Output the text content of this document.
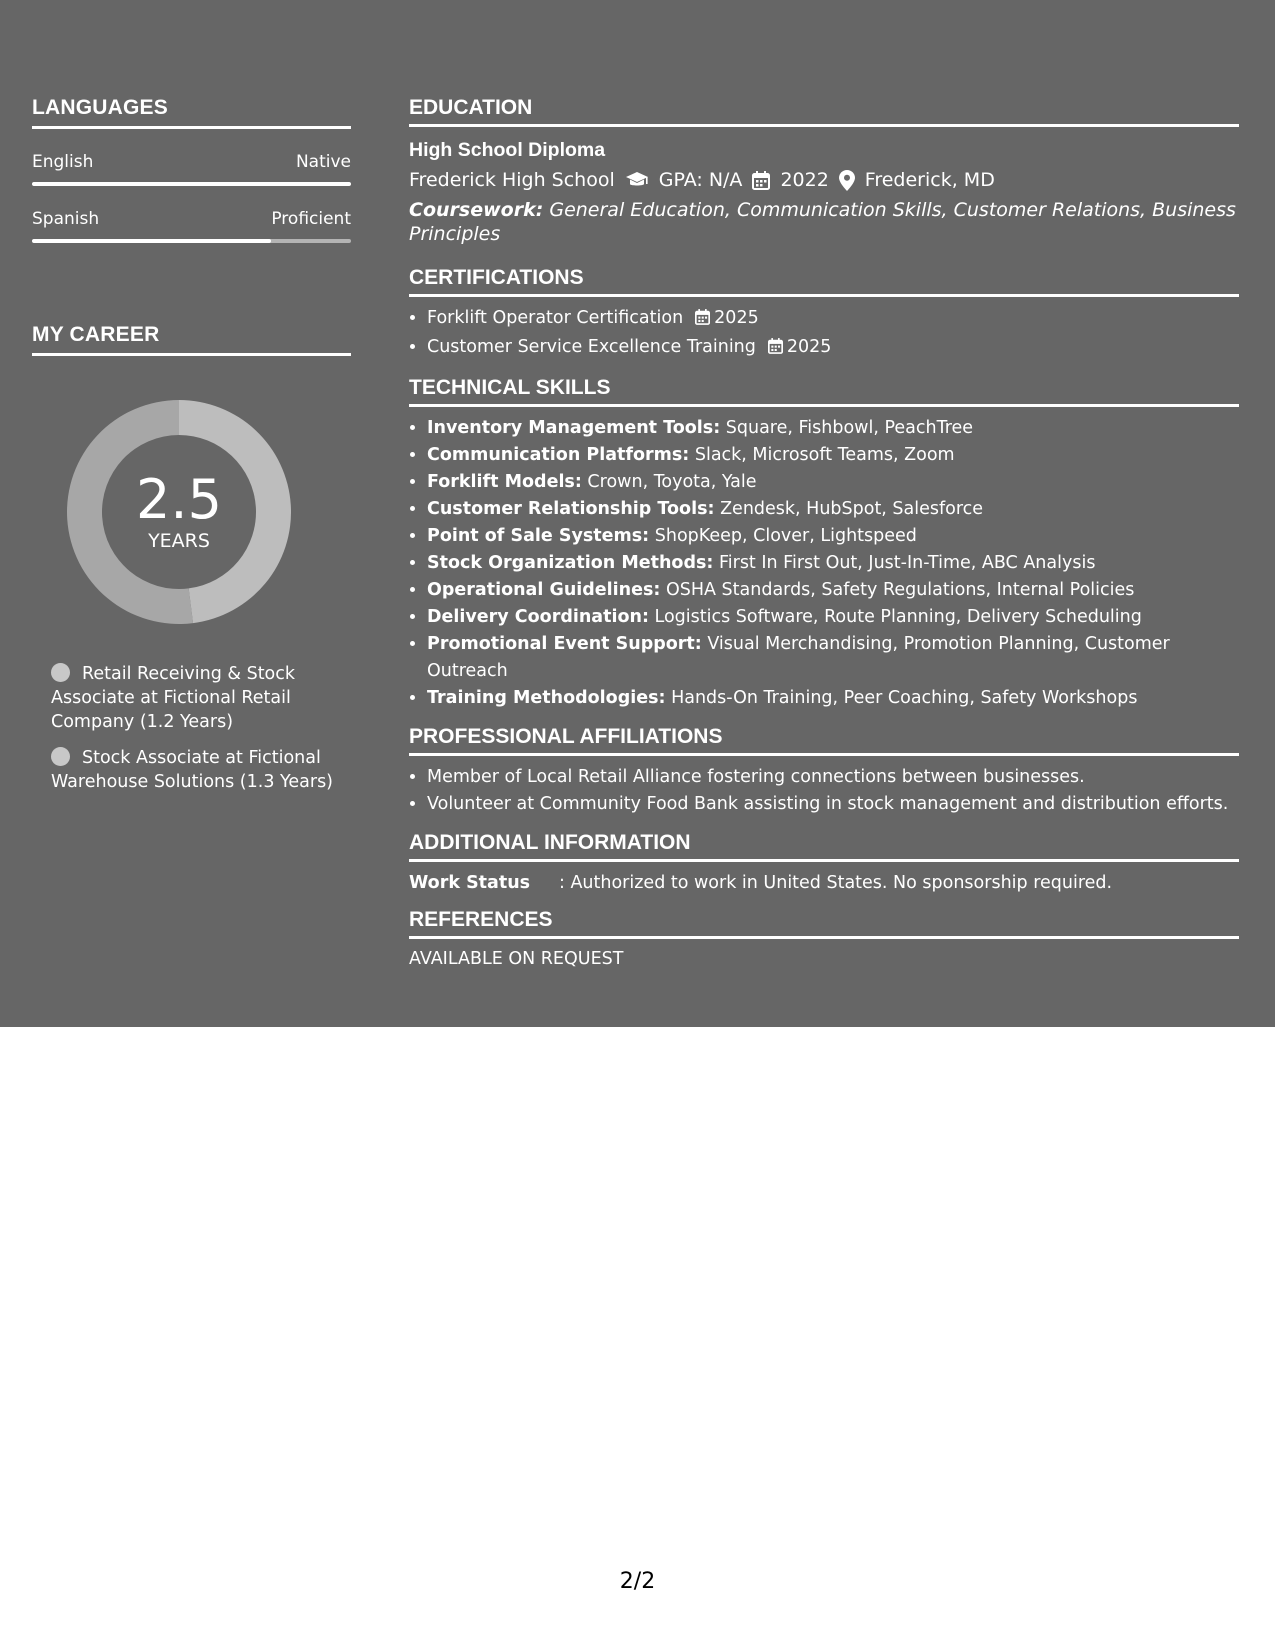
LANGUAGES
English	Native
Spanish	Proficient
MY CAREER
2.5
YEARS
Retail Receiving & Stock Associate at Fictional Retail Company (1.2 Years)
Stock Associate at Fictional Warehouse Solutions (1.3 Years)
EDUCATION
High School Diploma
Frederick High School GPA: N/A 2022 Frederick, MD
Coursework: General Education, Communication Skills, Customer Relations, Business Principles
CERTIFICATIONS
• Forklift Operator Certification 2025
• Customer Service Excellence Training 2025
TECHNICAL SKILLS
• Inventory Management Tools: Square, Fishbowl, PeachTree
• Communication Platforms: Slack, Microsoft Teams, Zoom
• Forklift Models: Crown, Toyota, Yale
• Customer Relationship Tools: Zendesk, HubSpot, Salesforce
• Point of Sale Systems: ShopKeep, Clover, Lightspeed
• Stock Organization Methods: First In First Out, Just-In-Time, ABC Analysis
• Operational Guidelines: OSHA Standards, Safety Regulations, Internal Policies
• Delivery Coordination: Logistics Software, Route Planning, Delivery Scheduling
• Promotional Event Support: Visual Merchandising, Promotion Planning, Customer Outreach
• Training Methodologies: Hands-On Training, Peer Coaching, Safety Workshops
PROFESSIONAL AFFILIATIONS
• Member of Local Retail Alliance fostering connections between businesses.
• Volunteer at Community Food Bank assisting in stock management and distribution efforts.
ADDITIONAL INFORMATION
Work Status	: Authorized to work in United States. No sponsorship required.
REFERENCES
AVAILABLE ON REQUEST
2/2
